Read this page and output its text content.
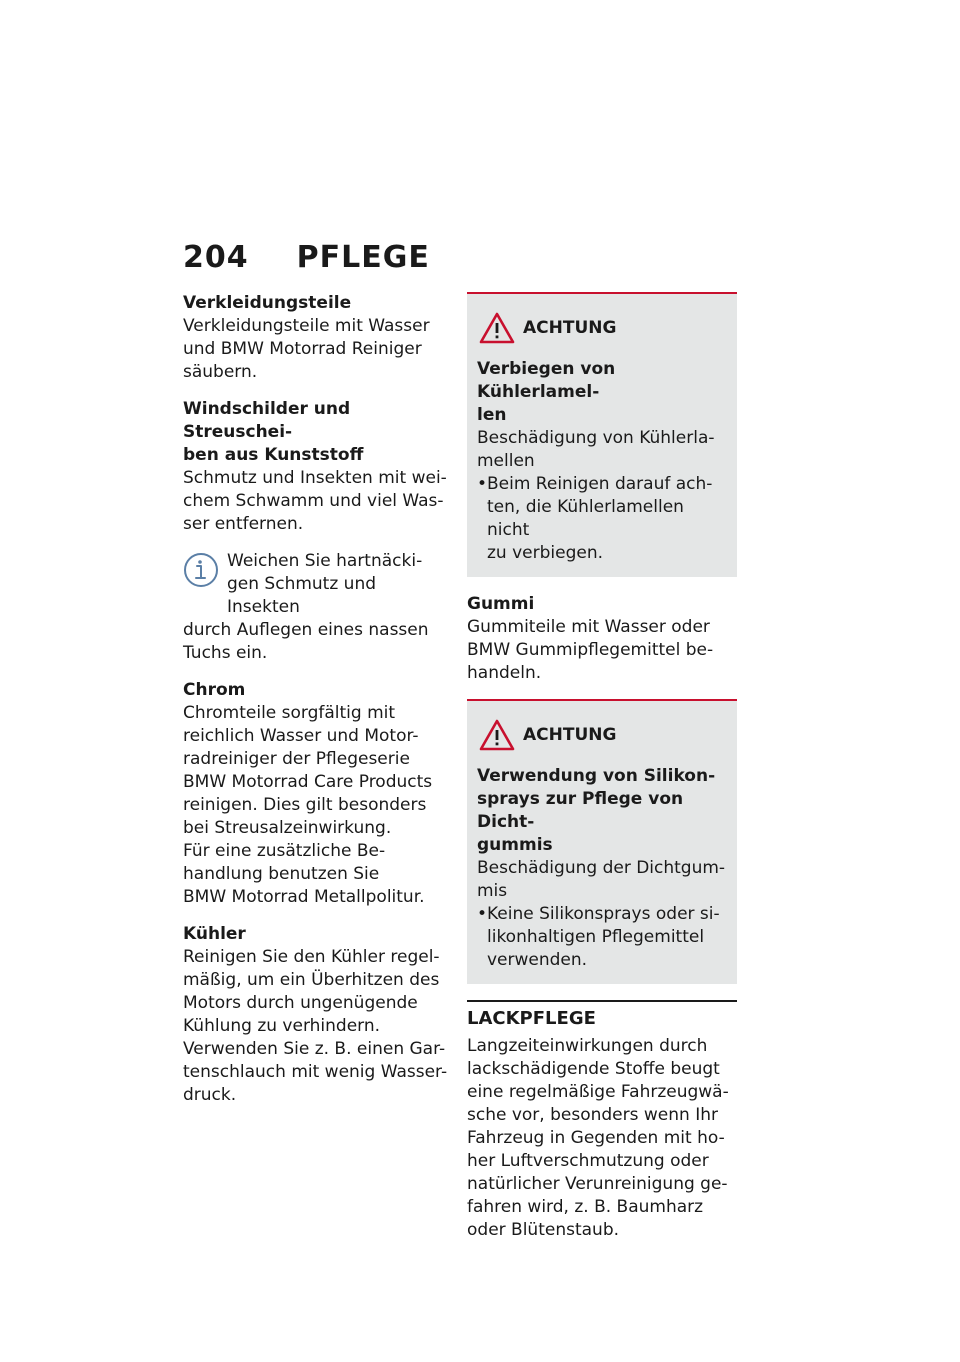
204 PFLEGE
Verkleidungsteile

Verkleidungsteile mit Wasser
und BMW Motorrad Reiniger
säubern.

Windschilder und Streuschei-
ben aus Kunststoff

Schmutz und Insekten mit wei-
chem Schwamm und viel Was-
ser entfernen.

Weichen Sie hartnäcki-
gen Schmutz und Insekten
durch Auflegen eines nassen
Tuchs ein.
Chrom

Chromteile sorgfältig mit
reichlich Wasser und Motor-
radreiniger der Pflegeserie
BMW Motorrad Care Products
reinigen. Dies gilt besonders
bei Streusalzeinwirkung.
Für eine zusätzliche Be-
handlung benutzen Sie
BMW Motorrad Metallpolitur.

Kühler

Reinigen Sie den Kühler regel-
mäßig, um ein Überhitzen des
Motors durch ungenügende
Kühlung zu verhindern.
Verwenden Sie z. B. einen Gar-
tenschlauch mit wenig Wasser-
druck.

ACHTUNG
Verbiegen von Kühlerlamel-
len
Beschädigung von Kühlerla-
mellen
• Beim Reinigen darauf ach-
ten, die Kühlerlamellen nicht
zu verbiegen.
Gummi

Gummiteile mit Wasser oder
BMW Gummipflegemittel be-
handeln.

ACHTUNG
Verwendung von Silikon-
sprays zur Pflege von Dicht-
gummis
Beschädigung der Dichtgum-
mis
• Keine Silikonsprays oder si-
likonhaltigen Pflegemittel
verwenden.
LACKPFLEGE

Langzeiteinwirkungen durch
lackschädigende Stoffe beugt
eine regelmäßige Fahrzeugwä-
sche vor, besonders wenn Ihr
Fahrzeug in Gegenden mit ho-
her Luftverschmutzung oder
natürlicher Verunreinigung ge-
fahren wird, z. B. Baumharz
oder Blütenstaub.
